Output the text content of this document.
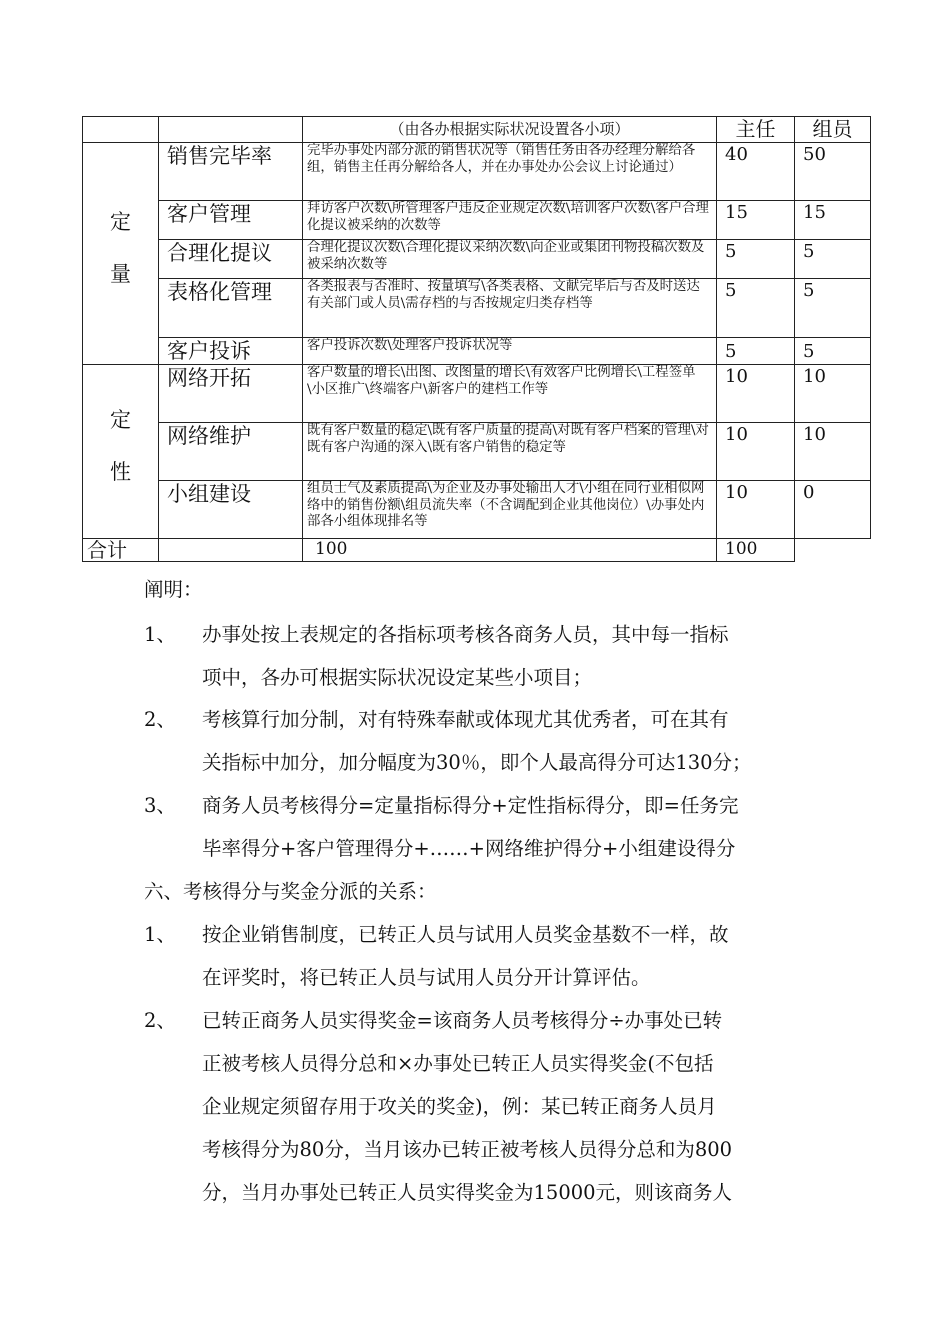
		（由各办根据实际状况设置各小项）	主任	组员
定

量	销售完毕率	完毕办事处内部分派的销售状况等（销售任务由各办经理分解给各组，销售主任再分解给各人，并在办事处办公会议上讨论通过）	40	50
	客户管理	拜访客户次数\所管理客户违反企业规定次数\培训客户次数\客户合理化提议被采纳的次数等	15	15
	合理化提议	合理化提议次数\合理化提议采纳次数\向企业或集团刊物投稿次数及被采纳次数等	5	5
	表格化管理	各类报表与否准时、按量填写\各类表格、文献完毕后与否及时送达有关部门或人员\需存档的与否按规定归类存档等	5	5
	客户投诉	客户投诉次数\处理客户投诉状况等	5	5
定

性	网络开拓	客户数量的增长\出图、改图量的增长\有效客户比例增长\工程签单\小区推广\终端客户\新客户的建档工作等	10	10
	网络维护	既有客户数量的稳定\既有客户质量的提高\对既有客户档案的管理\对既有客户沟通的深入\既有客户销售的稳定等	10	10
	小组建设	组员士气及素质提高\为企业及办事处输出人才\小组在同行业相似网络中的销售份额\组员流失率（不含调配到企业其他岗位）\办事处内部各小组体现排名等	10	0
合计		100	100	
阐明：
1、 办事处按上表规定的各指标项考核各商务人员，其中每一指标
项中，各办可根据实际状况设定某些小项目；
2、 考核算行加分制，对有特殊奉献或体现尤其优秀者，可在其有
关指标中加分，加分幅度为30％，即个人最高得分可达130分；
3、 商务人员考核得分=定量指标得分+定性指标得分，即=任务完
毕率得分+客户管理得分+……+网络维护得分+小组建设得分
六、考核得分与奖金分派的关系：
1、 按企业销售制度，已转正人员与试用人员奖金基数不一样，故
在评奖时，将已转正人员与试用人员分开计算评估。
2、 已转正商务人员实得奖金=该商务人员考核得分÷办事处已转
正被考核人员得分总和×办事处已转正人员实得奖金(不包括
企业规定须留存用于攻关的奖金)，例：某已转正商务人员月
考核得分为80分，当月该办已转正被考核人员得分总和为800
分，当月办事处已转正人员实得奖金为15000元，则该商务人
